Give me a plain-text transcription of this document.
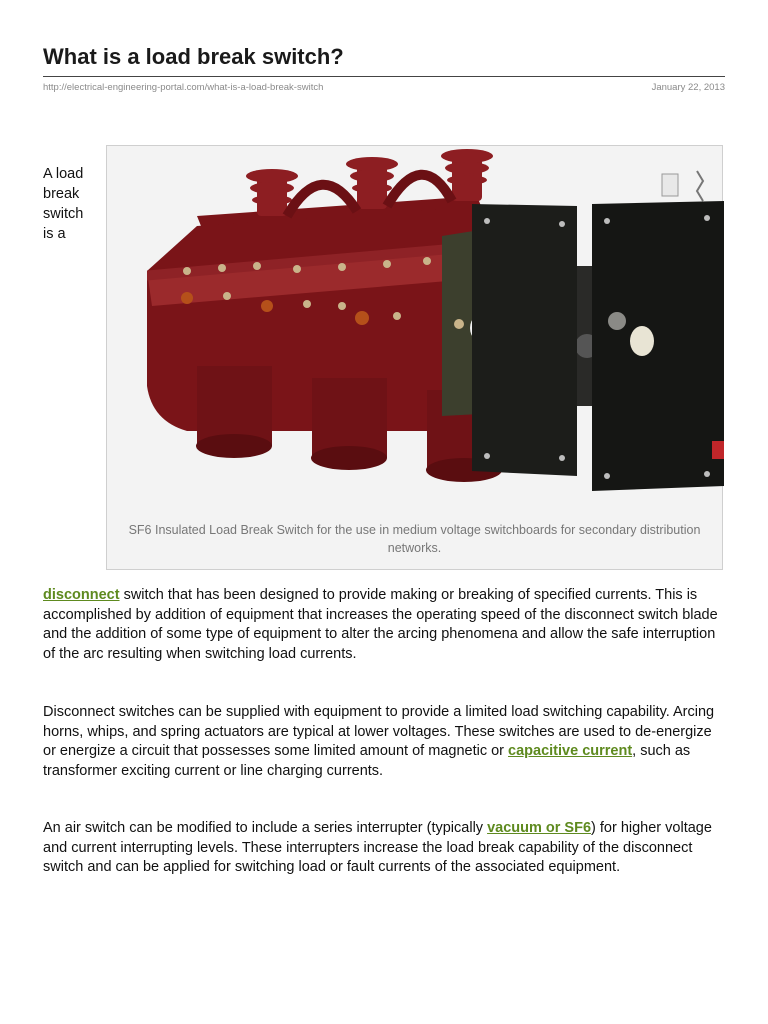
What is a load break switch?
http://electrical-engineering-portal.com/what-is-a-load-break-switch	January 22, 2013
A load
break
switch
is a
SF6 Insulated Load Break Switch for the use in medium voltage switchboards for secondary distribution networks.

disconnect switch that has been designed to provide making or breaking of specified currents. This is accomplished by addition of equipment that increases the operating speed of the disconnect switch blade and the addition of some type of equipment to alter the arcing phenomena and allow the safe interruption of the arc resulting when switching load currents.

Disconnect switches can be supplied with equipment to provide a limited load switching capability. Arcing horns, whips, and spring actuators are typical at lower voltages. These switches are used to de-energize or energize a circuit that possesses some limited amount of magnetic or capacitive current, such as transformer exciting current or line charging currents.

An air switch can be modified to include a series interrupter (typically vacuum or SF6) for higher voltage and current interrupting levels. These interrupters increase the load break capability of the disconnect switch and can be applied for switching load or fault currents of the associated equipment.
